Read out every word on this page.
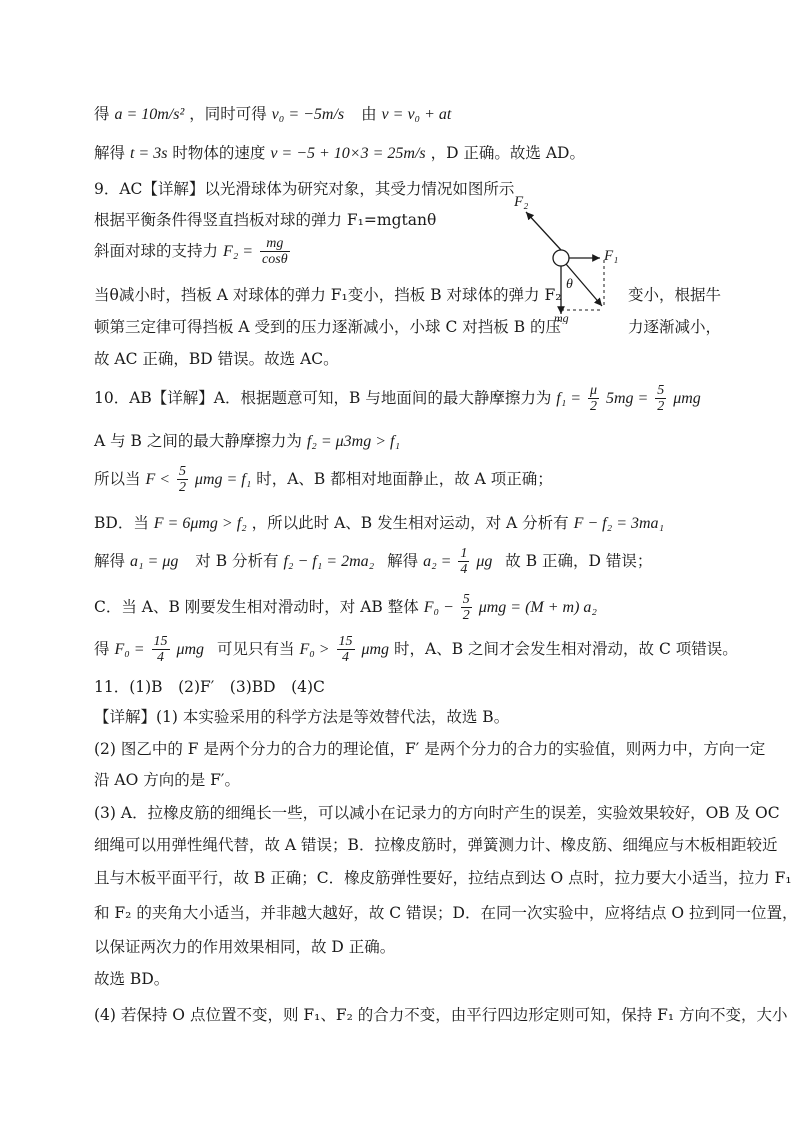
得 a = 10m/s² ，同时可得 v₀ = −5m/s 由 v = v₀ + at
解得 t = 3s 时物体的速度 v = −5 + 10×3 = 25m/s ，D 正确。故选 AD。
9．AC【详解】以光滑球体为研究对象，其受力情况如图所示
根据平衡条件得竖直挡板对球的弹力 F₁=mgtanθ
斜面对球的支持力 $F_2 = \frac{mg}{\cos\theta}$
当θ减小时，挡板 A 对球体的弹力 F₁变小，挡板 B 对球体的弹力 F₂	变小，根据牛
顿第三定律可得挡板 A 受到的压力逐渐减小，小球 C 对挡板 B 的压	力逐渐减小，
故 AC 正确，BD 错误。故选 AC。
F₂
F₁
θ
mg
10．AB【详解】A．根据题意可知，B 与地面间的最大静摩擦力为 $f_1 = \frac{\mu}{2} 5mg = \frac{5}{2}$ μmg
A 与 B 之间的最大静摩擦力为 f₂ = μ3mg > f₁
所以当 $F < \frac{5}{2}$ μmg = f₁ 时，A、B 都相对地面静止，故 A 项正确；
BD．当 F = 6μmg > f₂ ，所以此时 A、B 发生相对运动，对 A 分析有 F − f₂ = 3ma₁
解得 a₁ = μg 对 B 分析有 f₂ − f₁ = 2ma₂ 解得 $a_2 = \frac{1}{4}$ μg 故 B 正确，D 错误；
C．当 A、B 刚要发生相对滑动时，对 AB 整体 $F_0 - \frac{5}{2}$ μmg = (M + m) a₂
得 $F_0 = \frac{15}{4}$ μmg 可见只有当 $F_0 > \frac{15}{4}$ μmg 时，A、B 之间才会发生相对滑动，故 C 项错误。
11．(1)B　(2)F′　(3)BD　(4)C
【详解】(1) 本实验采用的科学方法是等效替代法，故选 B。
(2) 图乙中的 F 是两个分力的合力的理论值，F′ 是两个分力的合力的实验值，则两力中，方向一定
沿 AO 方向的是 F′。
(3) A．拉橡皮筋的细绳长一些，可以减小在记录力的方向时产生的误差，实验效果较好，OB 及 OC
细绳可以用弹性绳代替，故 A 错误；B．拉橡皮筋时，弹簧测力计、橡皮筋、细绳应与木板相距较近
且与木板平面平行，故 B 正确；C．橡皮筋弹性要好，拉结点到达 O 点时，拉力要大小适当，拉力 F₁
和 F₂ 的夹角大小适当，并非越大越好，故 C 错误；D．在同一次实验中，应将结点 O 拉到同一位置，
以保证两次力的作用效果相同，故 D 正确。
故选 BD。
(4) 若保持 O 点位置不变，则 F₁、F₂ 的合力不变，由平行四边形定则可知，保持 F₁ 方向不变，大小
